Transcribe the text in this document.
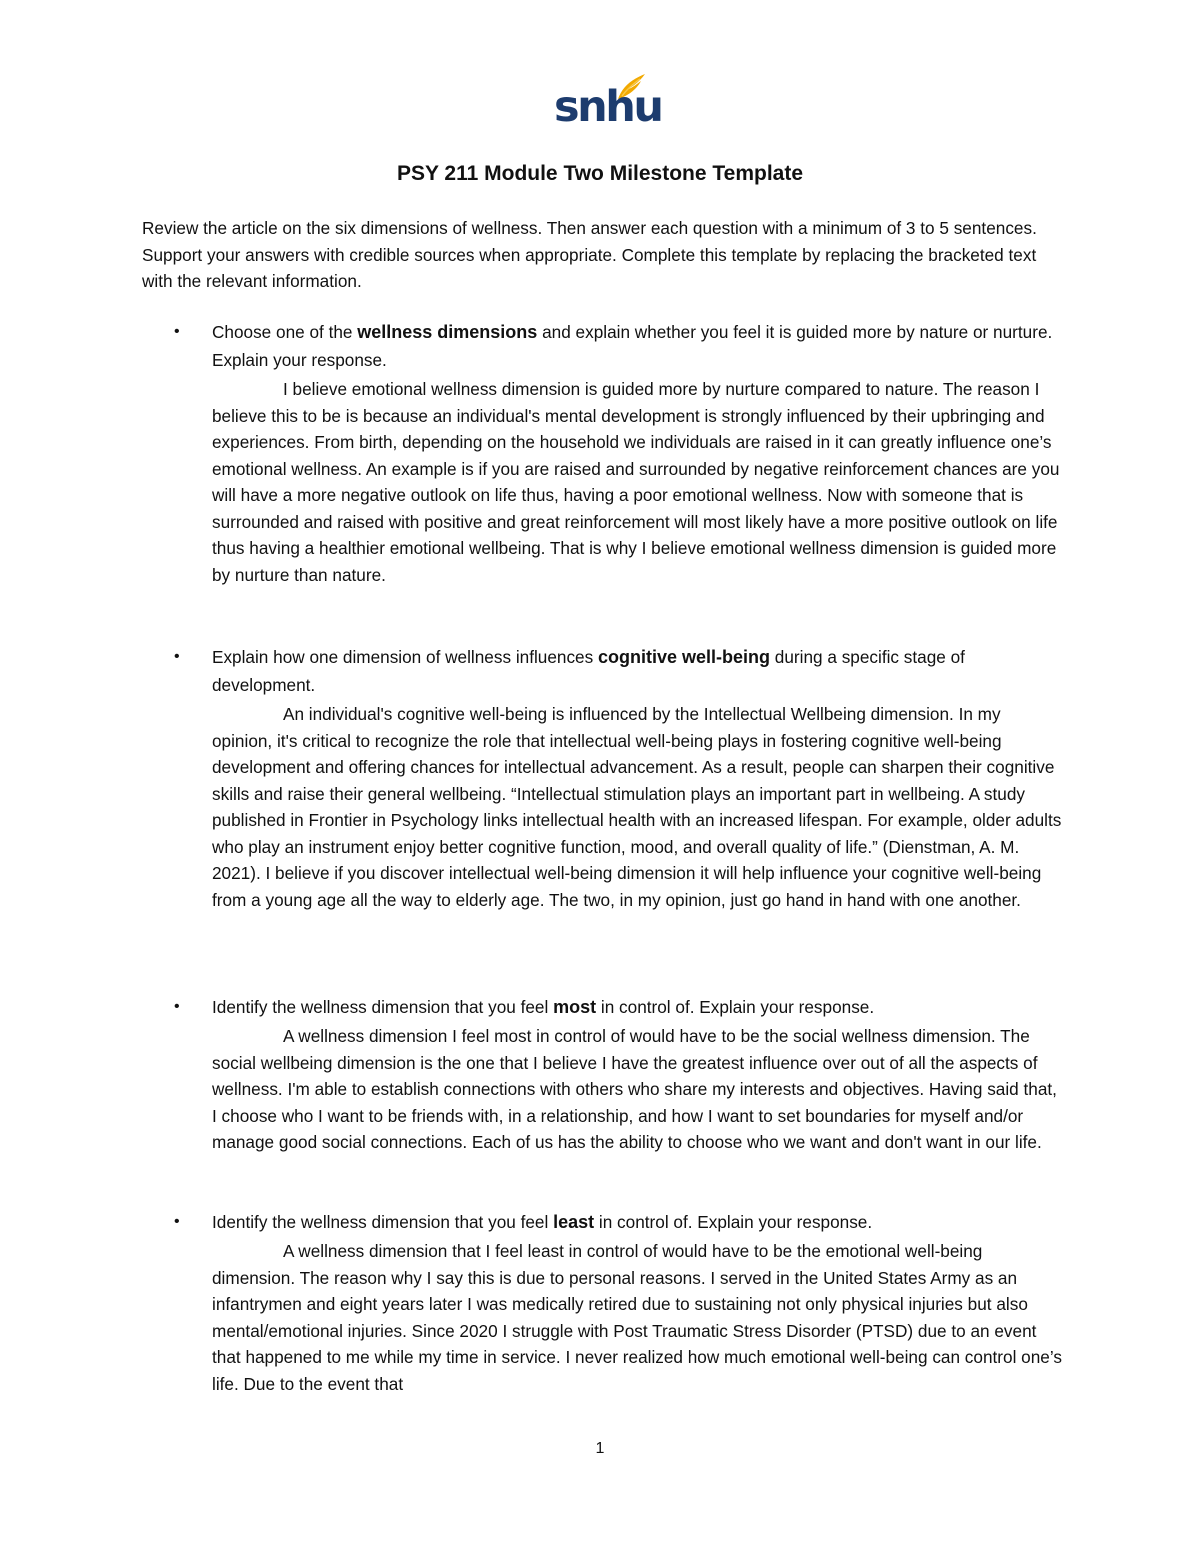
snhu
PSY 211 Module Two Milestone Template

Review the article on the six dimensions of wellness. Then answer each question with a minimum of 3 to 5 sentences. Support your answers with credible sources when appropriate. Complete this template by replacing the bracketed text with the relevant information.

• Choose one of the wellness dimensions and explain whether you feel it is guided more by nature or nurture. Explain your response.

I believe emotional wellness dimension is guided more by nurture compared to nature. The reason I believe this to be is because an individual's mental development is strongly influenced by their upbringing and experiences. From birth, depending on the household we individuals are raised in it can greatly influence one’s emotional wellness. An example is if you are raised and surrounded by negative reinforcement chances are you will have a more negative outlook on life thus, having a poor emotional wellness. Now with someone that is surrounded and raised with positive and great reinforcement will most likely have a more positive outlook on life thus having a healthier emotional wellbeing. That is why I believe emotional wellness dimension is guided more by nurture than nature.

• Explain how one dimension of wellness influences cognitive well-being during a specific stage of development.

An individual's cognitive well-being is influenced by the Intellectual Wellbeing dimension. In my opinion, it's critical to recognize the role that intellectual well-being plays in fostering cognitive well-being development and offering chances for intellectual advancement. As a result, people can sharpen their cognitive skills and raise their general wellbeing. “Intellectual stimulation plays an important part in wellbeing. A study published in Frontier in Psychology links intellectual health with an increased lifespan. For example, older adults who play an instrument enjoy better cognitive function, mood, and overall quality of life.” (Dienstman, A. M. 2021). I believe if you discover intellectual well-being dimension it will help influence your cognitive well-being from a young age all the way to elderly age. The two, in my opinion, just go hand in hand with one another.

• Identify the wellness dimension that you feel most in control of. Explain your response.

A wellness dimension I feel most in control of would have to be the social wellness dimension. The social wellbeing dimension is the one that I believe I have the greatest influence over out of all the aspects of wellness. I'm able to establish connections with others who share my interests and objectives. Having said that, I choose who I want to be friends with, in a relationship, and how I want to set boundaries for myself and/or manage good social connections. Each of us has the ability to choose who we want and don't want in our life.

• Identify the wellness dimension that you feel least in control of. Explain your response.

A wellness dimension that I feel least in control of would have to be the emotional well-being dimension. The reason why I say this is due to personal reasons. I served in the United States Army as an infantrymen and eight years later I was medically retired due to sustaining not only physical injuries but also mental/emotional injuries. Since 2020 I struggle with Post Traumatic Stress Disorder (PTSD) due to an event that happened to me while my time in service. I never realized how much emotional well-being can control one’s life. Due to the event that

1
